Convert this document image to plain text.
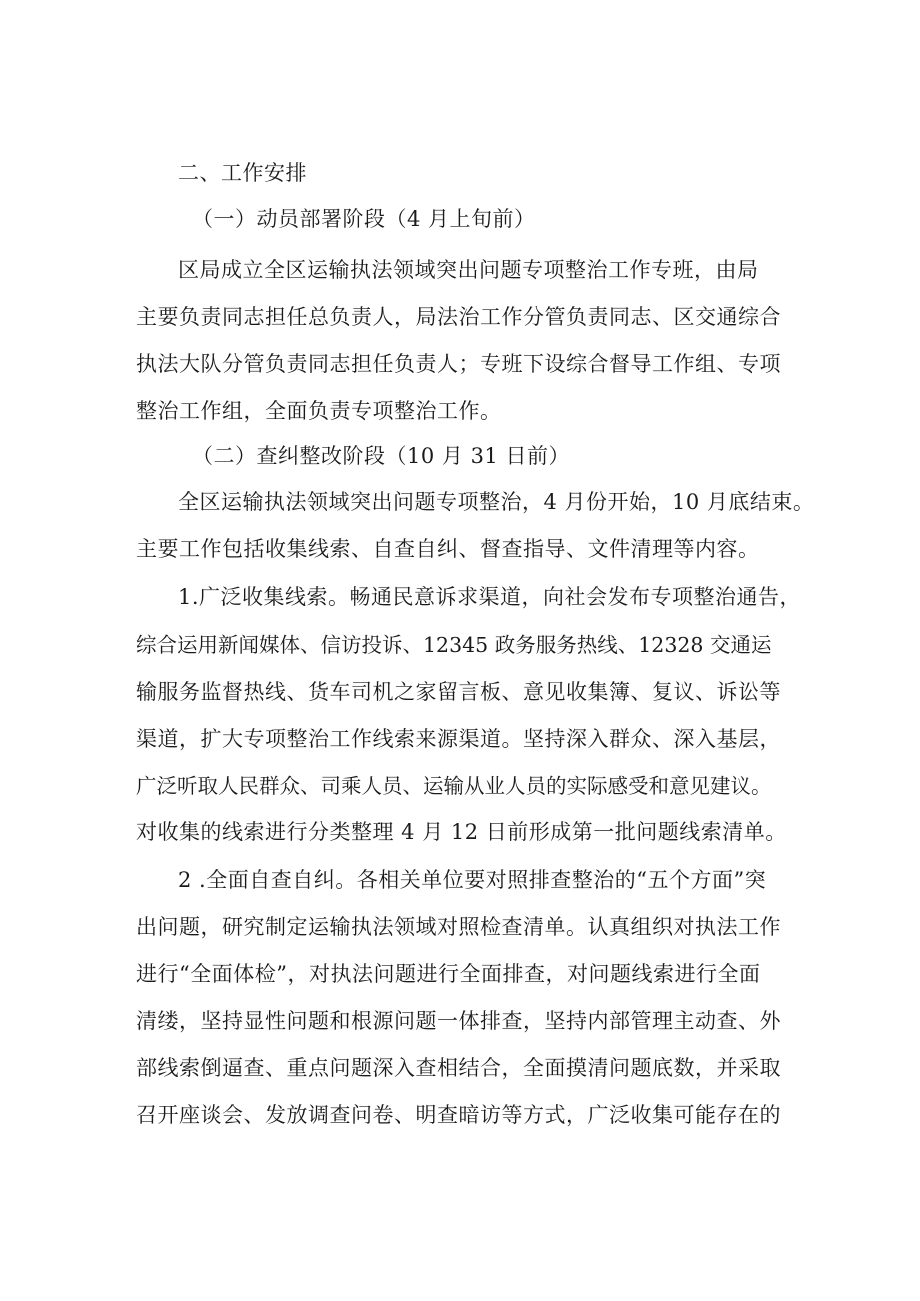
二、工作安排
（一）动员部署阶段（4 月上旬前）
区局成立全区运输执法领域突出问题专项整治工作专班，由局
主要负责同志担任总负责人，局法治工作分管负责同志、区交通综合
执法大队分管负责同志担任负责人；专班下设综合督导工作组、专项
整治工作组，全面负责专项整治工作。
（二）查纠整改阶段（10 月 31 日前）
全区运输执法领域突出问题专项整治，4 月份开始，10 月底结束。
主要工作包括收集线索、自查自纠、督查指导、文件清理等内容。
1.广泛收集线索。畅通民意诉求渠道，向社会发布专项整治通告，
综合运用新闻媒体、信访投诉、12345 政务服务热线、12328 交通运
输服务监督热线、货车司机之家留言板、意见收集簿、复议、诉讼等
渠道，扩大专项整治工作线索来源渠道。坚持深入群众、深入基层，
广泛听取人民群众、司乘人员、运输从业人员的实际感受和意见建议。
对收集的线索进行分类整理 4 月 12 日前形成第一批问题线索清单。
2 .全面自查自纠。各相关单位要对照排查整治的“五个方面”突
出问题，研究制定运输执法领域对照检查清单。认真组织对执法工作
进行“全面体检”，对执法问题进行全面排查，对问题线索进行全面
清缕，坚持显性问题和根源问题一体排查，坚持内部管理主动查、外
部线索倒逼查、重点问题深入查相结合，全面摸清问题底数，并采取
召开座谈会、发放调查问卷、明查暗访等方式，广泛收集可能存在的
